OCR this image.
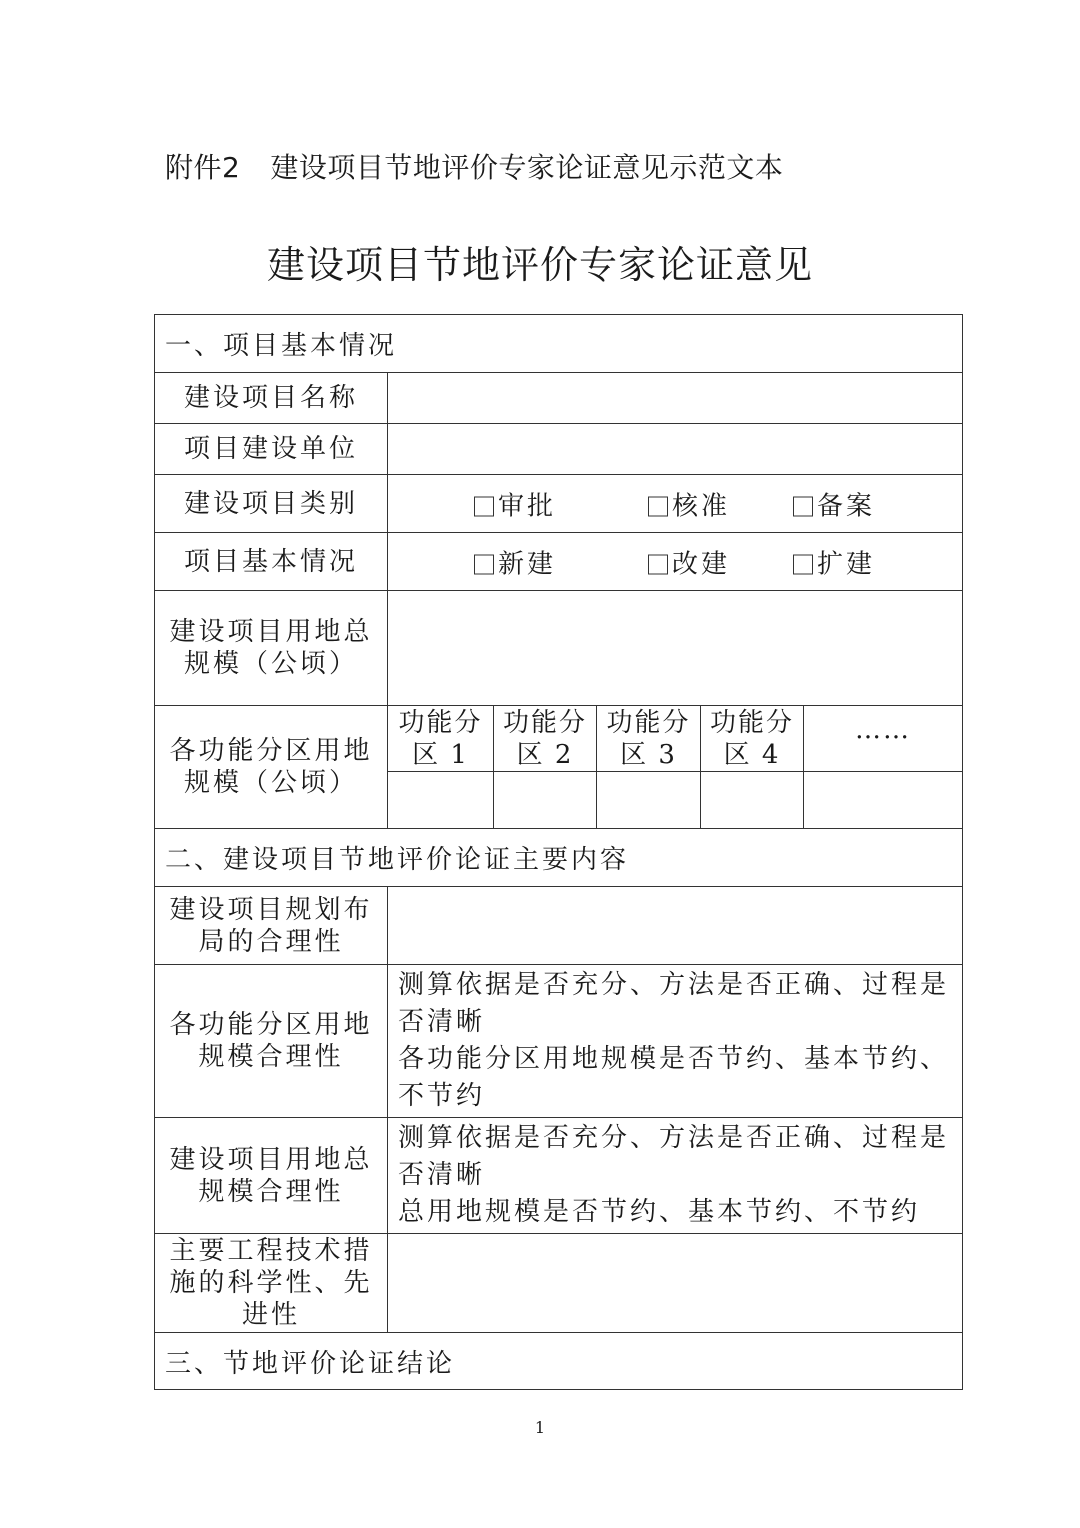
附件2 建设项目节地评价专家论证意见示范文本
建设项目节地评价专家论证意见
一、项目基本情况					
建设项目名称					
项目建设单位					
建设项目类别	审批 核准 备案				

项目基本情况	新建 改建 扩建				

建设项目用地总规模（公顷）					
各功能分区用地规模（公顷）	功能分区 1	功能分区 2	功能分区 3	功能分区 4	……

二、建设项目节地评价论证主要内容					
建设项目规划布局的合理性					
各功能分区用地规模合理性	测算依据是否充分、方法是否正确、过程是否清晰
各功能分区用地规模是否节约、基本节约、不节约				

建设项目用地总规模合理性	测算依据是否充分、方法是否正确、过程是否清晰
总用地规模是否节约、基本节约、不节约				

主要工程技术措施的科学性、先进性					
三、节地评价论证结论					
1
